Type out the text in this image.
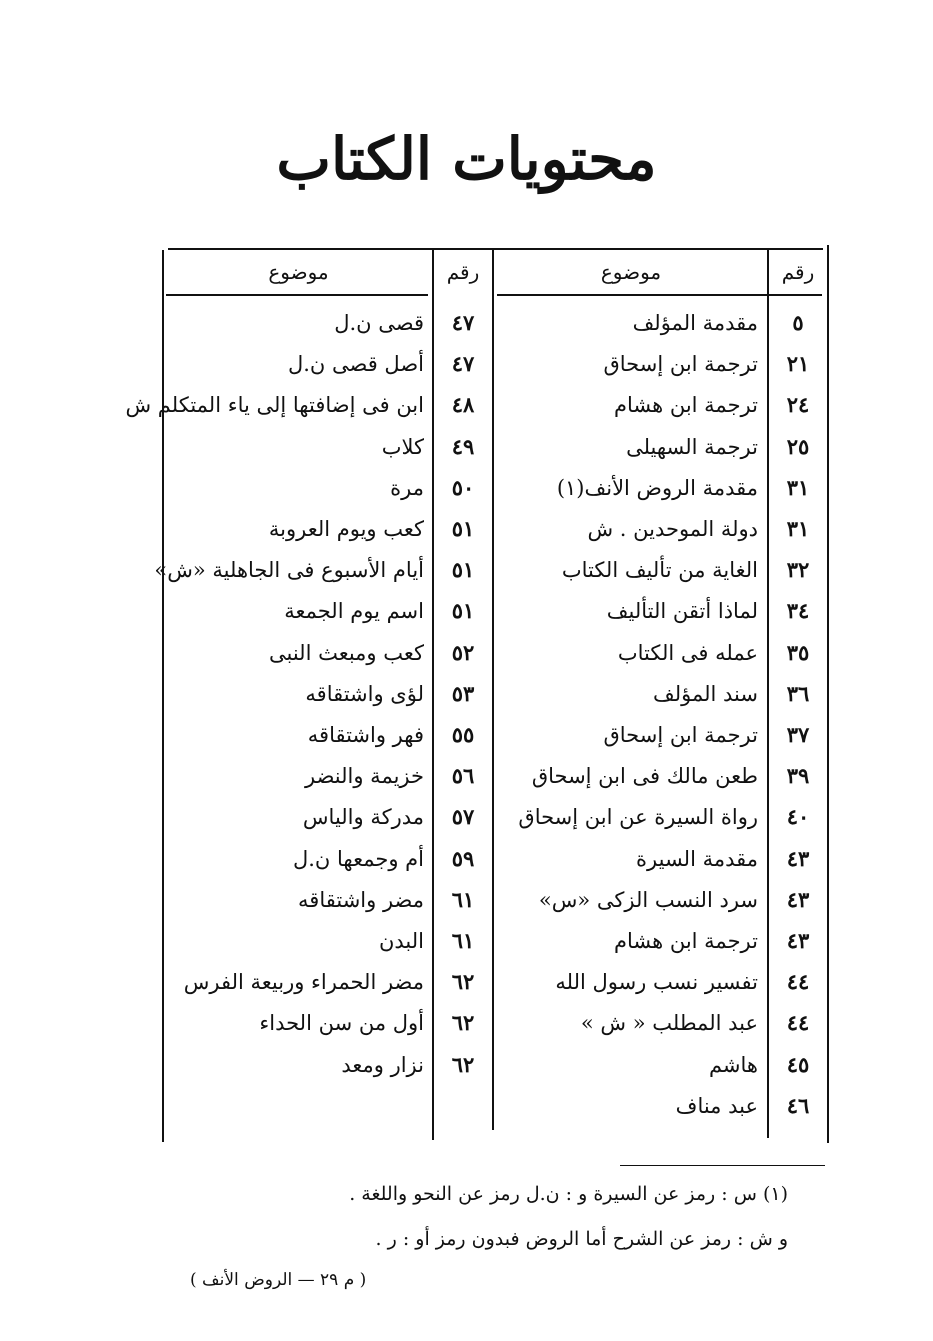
محتويات الكتاب
رقم
موضوع
رقم
موضوع
٥
مقدمة المؤلف
٢١
ترجمة ابن إسحاق
٢٤
ترجمة ابن هشام
٢٥
ترجمة السهيلى
٣١
مقدمة الروض الأنف(١)
٣١
دولة الموحدين . ش
٣٢
الغاية من تأليف الكتاب
٣٤
لماذا أتقن التأليف
٣٥
عمله فى الكتاب
٣٦
سند المؤلف
٣٧
ترجمة ابن إسحاق
٣٩
طعن مالك فى ابن إسحاق
٤٠
رواة السيرة عن ابن إسحاق
٤٣
مقدمة السيرة
٤٣
سرد النسب الزكى «س»
٤٣
ترجمة ابن هشام
٤٤
تفسير نسب رسول الله
٤٤
عبد المطلب « ش »
٤٥
هاشم
٤٦
عبد مناف
٤٧
قصى ن.ل
٤٧
أصل قصى ن.ل
٤٨
ابن فى إضافتها إلى ياء المتكلم ش
٤٩
كلاب
٥٠
مرة
٥١
كعب ويوم العروبة
٥١
أيام الأسبوع فى الجاهلية «ش»
٥١
اسم يوم الجمعة
٥٢
كعب ومبعث النبى
٥٣
لؤى واشتقاقه
٥٥
فهر واشتقاقه
٥٦
خزيمة والنضر
٥٧
مدركة والياس
٥٩
أم وجمعها ن.ل
٦١
مضر واشتقاقه
٦١
البدن
٦٢
مضر الحمراء وربيعة الفرس
٦٢
أول من سن الحداء
٦٢
نزار ومعد
(١) س : رمز عن السيرة و : ن.ل رمز عن النحو واللغة .
و ش : رمز عن الشرح أما الروض فبدون رمز أو : ر .
( م ٢٩ — الروض الأنف )
